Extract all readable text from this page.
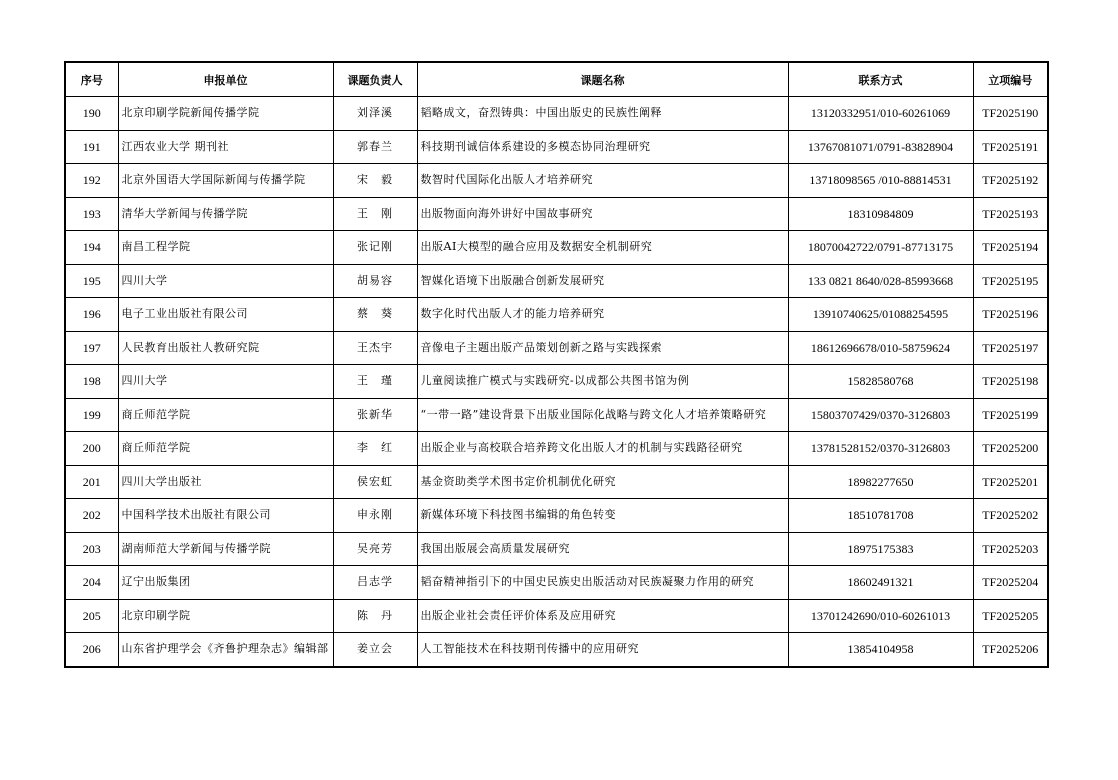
序号	申报单位	课题负责人	课题名称	联系方式	立项编号
190	北京印刷学院新闻传播学院	刘泽溪	韬略成文，奋烈铸典：中国出版史的民族性阐释	13120332951/010-60261069	TF2025190
191	江西农业大学 期刊社	郭春兰	科技期刊诚信体系建设的多模态协同治理研究	13767081071/0791-83828904	TF2025191
192	北京外国语大学国际新闻与传播学院	宋　毅	数智时代国际化出版人才培养研究	13718098565 /010-88814531	TF2025192
193	清华大学新闻与传播学院	王　刚	出版物面向海外讲好中国故事研究	18310984809	TF2025193
194	南昌工程学院	张记刚	出版AI大模型的融合应用及数据安全机制研究	18070042722/0791-87713175	TF2025194
195	四川大学	胡易容	智媒化语境下出版融合创新发展研究	133 0821 8640/028-85993668	TF2025195
196	电子工业出版社有限公司	蔡　葵	数字化时代出版人才的能力培养研究	13910740625/01088254595	TF2025196
197	人民教育出版社人教研究院	王杰宇	音像电子主题出版产品策划创新之路与实践探索	18612696678/010-58759624	TF2025197
198	四川大学	王　瑾	儿童阅读推广模式与实践研究-以成都公共图书馆为例	15828580768	TF2025198
199	商丘师范学院	张新华	“一带一路”建设背景下出版业国际化战略与跨文化人才培养策略研究	15803707429/0370-3126803	TF2025199
200	商丘师范学院	李　红	出版企业与高校联合培养跨文化出版人才的机制与实践路径研究	13781528152/0370-3126803	TF2025200
201	四川大学出版社	侯宏虹	基金资助类学术图书定价机制优化研究	18982277650	TF2025201
202	中国科学技术出版社有限公司	申永刚	新媒体环境下科技图书编辑的角色转变	18510781708	TF2025202
203	湖南师范大学新闻与传播学院	吴亮芳	我国出版展会高质量发展研究	18975175383	TF2025203
204	辽宁出版集团	吕志学	韬奋精神指引下的中国史民族史出版活动对民族凝聚力作用的研究	18602491321	TF2025204
205	北京印刷学院	陈　丹	出版企业社会责任评价体系及应用研究	13701242690/010-60261013	TF2025205
206	山东省护理学会《齐鲁护理杂志》编辑部	姜立会	人工智能技术在科技期刊传播中的应用研究	13854104958	TF2025206
